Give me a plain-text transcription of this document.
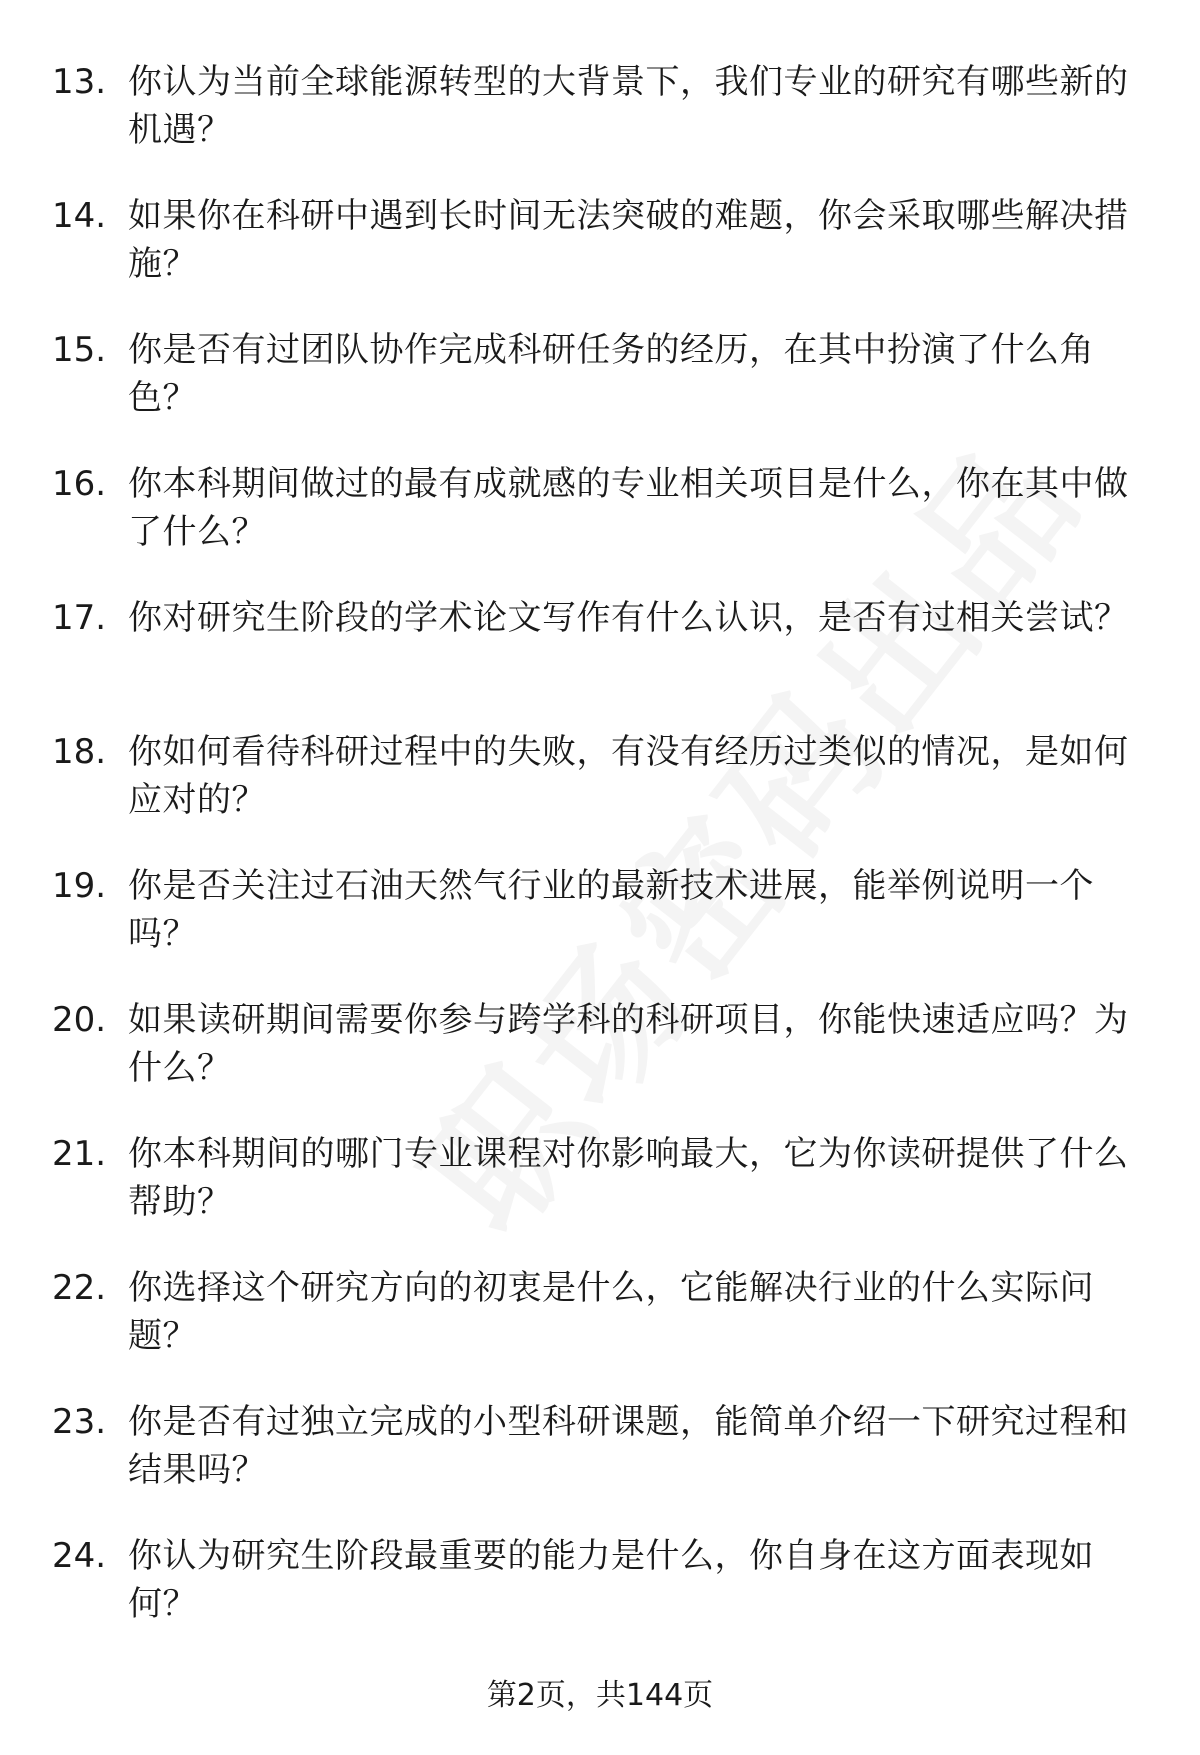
13. 你认为当前全球能源转型的大背景下，我们专业的研究有哪些新的机遇？
14. 如果你在科研中遇到长时间无法突破的难题，你会采取哪些解决措施？
15. 你是否有过团队协作完成科研任务的经历，在其中扮演了什么角色？
16. 你本科期间做过的最有成就感的专业相关项目是什么，你在其中做了什么？
17. 你对研究生阶段的学术论文写作有什么认识，是否有过相关尝试？
18. 你如何看待科研过程中的失败，有没有经历过类似的情况，是如何应对的？
19. 你是否关注过石油天然气行业的最新技术进展，能举例说明一个吗？
20. 如果读研期间需要你参与跨学科的科研项目，你能快速适应吗？为什么？
21. 你本科期间的哪门专业课程对你影响最大，它为你读研提供了什么帮助？
22. 你选择这个研究方向的初衷是什么，它能解决行业的什么实际问题？
23. 你是否有过独立完成的小型科研课题，能简单介绍一下研究过程和结果吗？
24. 你认为研究生阶段最重要的能力是什么，你自身在这方面表现如何？
第2页，共144页
